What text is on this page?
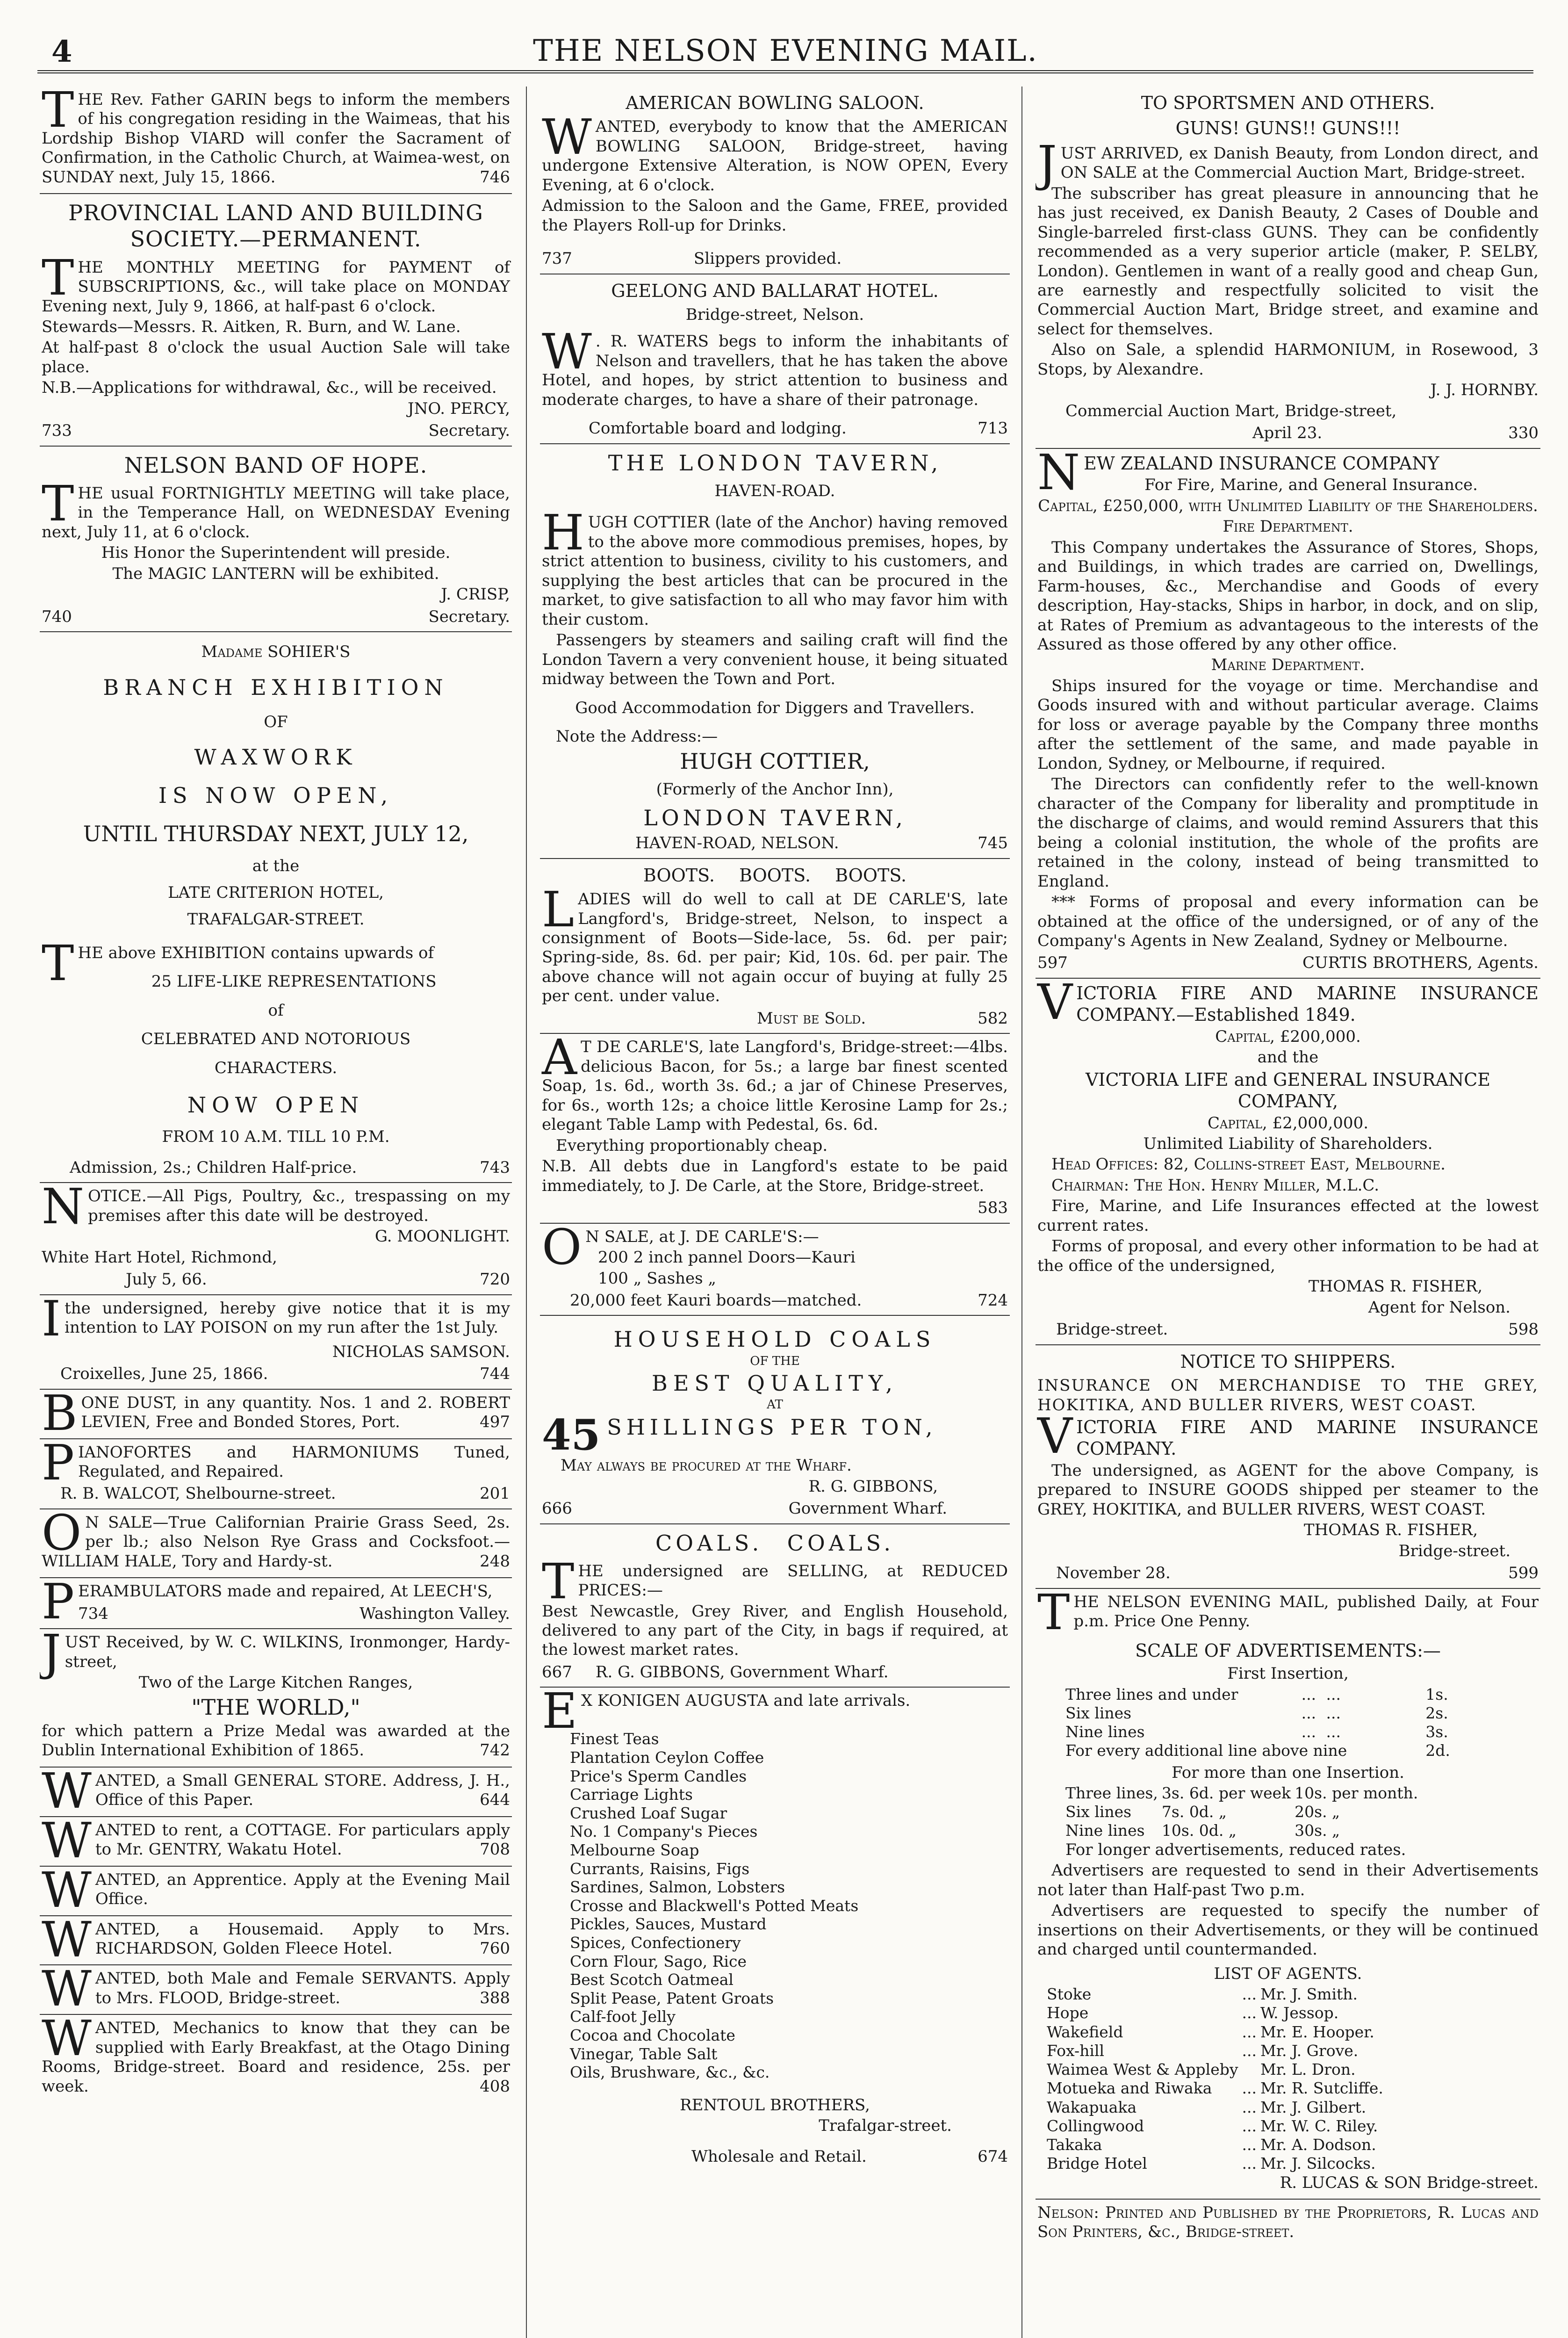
4	THE NELSON EVENING MAIL.

THE Rev. Father GARIN begs to inform the members of his congregation residing in the Waimeas, that his Lordship Bishop VIARD will confer the Sacrament of Confirmation, in the Catholic Church, at Waimea-west, on SUNDAY next, July 15, 1866.	746

PROVINCIAL LAND AND BUILDING SOCIETY.—PERMANENT.

THE MONTHLY MEETING for PAYMENT of SUBSCRIPTIONS, &c., will take place on MONDAY Evening next, July 9, 1866, at half-past 6 o'clock.

Stewards—Messrs. R. Aitken, R. Burn, and W. Lane.

At half-past 8 o'clock the usual Auction Sale will take place.

N.B.—Applications for withdrawal, &c., will be received.

JNO. PERCY,

733	Secretary.
NELSON BAND OF HOPE.

THE usual FORTNIGHTLY MEETING will take place, in the Temperance Hall, on WEDNESDAY Evening next, July 11, at 6 o'clock.

His Honor the Superintendent will preside.

The MAGIC LANTERN will be exhibited.

J. CRISP,

740	Secretary.

Madame SOHIER'S

BRANCH EXHIBITION

OF

WAXWORK

IS NOW OPEN,

UNTIL THURSDAY NEXT, JULY 12,

at the

LATE CRITERION HOTEL,

TRAFALGAR-STREET.

THE above EXHIBITION contains upwards of

25 LIFE-LIKE REPRESENTATIONS

of

CELEBRATED AND NOTORIOUS

CHARACTERS.

NOW OPEN

FROM 10 A.M. TILL 10 P.M.

Admission, 2s.; Children Half-price.	743

NOTICE.—All Pigs, Poultry, &c., trespassing on my premises after this date will be destroyed.

G. MOONLIGHT.

White Hart Hotel, Richmond,

July 5, 66.	720

Ithe undersigned, hereby give notice that it is my intention to LAY POISON on my run after the 1st July.

NICHOLAS SAMSON.

Croixelles, June 25, 1866.	744

BONE DUST, in any quantity. Nos. 1 and 2. ROBERT LEVIEN, Free and Bonded Stores, Port.	497

PIANOFORTES and HARMONIUMS Tuned, Regulated, and Repaired.

R. B. WALCOT, Shelbourne-street.	201

O N SALE—True Californian Prairie Grass Seed, 2s. per lb.; also Nelson Rye Grass and Cocksfoot.—WILLIAM HALE, Tory and Hardy-st.	248

PERAMBULATORS made and repaired, At LEECH'S,

734	Washington Valley.

JUST Received, by W. C. WILKINS, Ironmonger, Hardy-street,

Two of the Large Kitchen Ranges,

"THE WORLD,"

for which pattern a Prize Medal was awarded at the Dublin International Exhibition of 1865.	742

WANTED, a Small GENERAL STORE. Address, J. H., Office of this Paper.	644

WANTED to rent, a COTTAGE. For particulars apply to Mr. GENTRY, Wakatu Hotel.	708

WANTED, an Apprentice. Apply at the Evening Mail Office.

WANTED, a Housemaid. Apply to Mrs. RICHARDSON, Golden Fleece Hotel.	760

WANTED, both Male and Female SERVANTS. Apply to Mrs. FLOOD, Bridge-street.	388

WANTED, Mechanics to know that they can be supplied with Early Breakfast, at the Otago Dining Rooms, Bridge-street. Board and residence, 25s. per week.	408

AMERICAN BOWLING SALOON.

WANTED, everybody to know that the AMERICAN BOWLING SALOON, Bridge-street, having undergone Extensive Alteration, is NOW OPEN, Every Evening, at 6 o'clock.

Admission to the Saloon and the Game, FREE, provided the Players Roll-up for Drinks.

737	Slippers provided.
GEELONG AND BALLARAT HOTEL.

Bridge-street, Nelson.

W . R. WATERS begs to inform the inhabitants of Nelson and travellers, that he has taken the above Hotel, and hopes, by strict attention to business and moderate charges, to have a share of their patronage.

Comfortable board and lodging.	713
THE LONDON TAVERN,

HAVEN-ROAD.

HUGH COTTIER (late of the Anchor) having removed to the above more commodious premises, hopes, by strict attention to business, civility to his customers, and supplying the best articles that can be procured in the market, to give satisfaction to all who may favor him with their custom.

Passengers by steamers and sailing craft will find the London Tavern a very convenient house, it being situated midway between the Town and Port.

Good Accommodation for Diggers and Travellers.

Note the Address:—

HUGH COTTIER,

(Formerly of the Anchor Inn),

LONDON TAVERN,

HAVEN-ROAD, NELSON.	745
BOOTS. BOOTS. BOOTS.

LADIES will do well to call at DE CARLE'S, late Langford's, Bridge-street, Nelson, to inspect a consignment of Boots—Side-lace, 5s. 6d. per pair; Spring-side, 8s. 6d. per pair; Kid, 10s. 6d. per pair. The above chance will not again occur of buying at fully 25 per cent. under value.

Must be Sold.	582

A T DE CARLE'S, late Langford's, Bridge-street:—4lbs. delicious Bacon, for 5s.; a large bar finest scented Soap, 1s. 6d., worth 3s. 6d.; a jar of Chinese Preserves, for 6s., worth 12s; a choice little Kerosine Lamp for 2s.; elegant Table Lamp with Pedestal, 6s. 6d.

Everything proportionably cheap.

N.B. All debts due in Langford's estate to be paid immediately, to J. De Carle, at the Store, Bridge-street.

583

O N SALE, at J. DE CARLE'S:—

200 2 inch pannel Doors—Kauri

100 „ Sashes „

20,000 feet Kauri boards—matched.	724

HOUSEHOLD COALS

OF THE

BEST QUALITY,

AT

45 SHILLINGS PER TON,

May always be procured at the Wharf.

R. G. GIBBONS,

666	Government Wharf.
COALS. COALS.

THE undersigned are SELLING, at REDUCED PRICES:—

Best Newcastle, Grey River, and English Household, delivered to any part of the City, in bags if required, at the lowest market rates.

667 R. G. GIBBONS, Government Wharf.

E X KONIGEN AUGUSTA and late arrivals.

Finest Teas
Plantation Ceylon Coffee
Price's Sperm Candles
Carriage Lights
Crushed Loaf Sugar
No. 1 Company's Pieces
Melbourne Soap
Currants, Raisins, Figs
Sardines, Salmon, Lobsters
Crosse and Blackwell's Potted Meats
Pickles, Sauces, Mustard
Spices, Confectionery
Corn Flour, Sago, Rice
Best Scotch Oatmeal
Split Pease, Patent Groats
Calf-foot Jelly
Cocoa and Chocolate
Vinegar, Table Salt
Oils, Brushware, &c., &c.

RENTOUL BROTHERS,

Trafalgar-street.

Wholesale and Retail.	674
TO SPORTSMEN AND OTHERS.

GUNS! GUNS!! GUNS!!!

JUST ARRIVED, ex Danish Beauty, from London direct, and ON SALE at the Commercial Auction Mart, Bridge-street.

The subscriber has great pleasure in announcing that he has just received, ex Danish Beauty, 2 Cases of Double and Single-barreled first-class GUNS. They can be confidently recommended as a very superior article (maker, P. SELBY, London). Gentlemen in want of a really good and cheap Gun, are earnestly and respectfully solicited to visit the Commercial Auction Mart, Bridge street, and examine and select for themselves.

Also on Sale, a splendid HARMONIUM, in Rosewood, 3 Stops, by Alexandre.

J. J. HORNBY.

Commercial Auction Mart, Bridge-street,

April 23.	330

NEW ZEALAND INSURANCE COMPANY

For Fire, Marine, and General Insurance.

Capital, £250,000, with Unlimited Liability of the Shareholders.

Fire Department.

This Company undertakes the Assurance of Stores, Shops, and Buildings, in which trades are carried on, Dwellings, Farm-houses, &c., Merchandise and Goods of every description, Hay-stacks, Ships in harbor, in dock, and on slip, at Rates of Premium as advantageous to the interests of the Assured as those offered by any other office.

Marine Department.

Ships insured for the voyage or time. Merchandise and Goods insured with and without particular average. Claims for loss or average payable by the Company three months after the settlement of the same, and made payable in London, Sydney, or Melbourne, if required.

The Directors can confidently refer to the well-known character of the Company for liberality and promptitude in the discharge of claims, and would remind Assurers that this being a colonial institution, the whole of the profits are retained in the colony, instead of being transmitted to England.

*** Forms of proposal and every information can be obtained at the office of the undersigned, or of any of the Company's Agents in New Zealand, Sydney or Melbourne.

597	CURTIS BROTHERS, Agents.

VICTORIA FIRE AND MARINE INSURANCE COMPANY.—Established 1849.

Capital, £200,000.

and the

VICTORIA LIFE and GENERAL INSURANCE COMPANY,

Capital, £2,000,000.

Unlimited Liability of Shareholders.

Head Offices: 82, Collins-street East, Melbourne.

Chairman: The Hon. Henry Miller, M.L.C.

Fire, Marine, and Life Insurances effected at the lowest current rates.

Forms of proposal, and every other information to be had at the office of the undersigned,

THOMAS R. FISHER,

Agent for Nelson.

Bridge-street.	598
NOTICE TO SHIPPERS.

INSURANCE ON MERCHANDISE TO THE GREY, HOKITIKA, AND BULLER RIVERS, WEST COAST.

VICTORIA FIRE AND MARINE INSURANCE COMPANY.

The undersigned, as AGENT for the above Company, is prepared to INSURE GOODS shipped per steamer to the GREY, HOKITIKA, and BULLER RIVERS, WEST COAST.

THOMAS R. FISHER,

Bridge-street.

November 28.	599

THE NELSON EVENING MAIL, published Daily, at Four p.m. Price One Penny.

SCALE OF ADVERTISEMENTS:—

First Insertion,

Three lines and under	...	...	1s.
Six lines	...	...	2s.
Nine lines	...	...	3s.
For every additional line above nine			2d.

For more than one Insertion.

Three lines,	3s. 6d. per week	10s. per month.
Six lines	7s. 0d. „	20s. „
Nine lines	10s. 0d. „	30s. „

For longer advertisements, reduced rates.

Advertisers are requested to send in their Advertisements not later than Half-past Two p.m.

Advertisers are requested to specify the number of insertions on their Advertisements, or they will be continued and charged until countermanded.

LIST OF AGENTS.

Stoke	...	Mr. J. Smith.
Hope	...	W. Jessop.
Wakefield	...	Mr. E. Hooper.
Fox-hill	...	Mr. J. Grove.
Waimea West & Appleby		Mr. L. Dron.
Motueka and Riwaka	...	Mr. R. Sutcliffe.
Wakapuaka	...	Mr. J. Gilbert.
Collingwood	...	Mr. W. C. Riley.
Takaka	...	Mr. A. Dodson.
Bridge Hotel	...	Mr. J. Silcocks.

R. LUCAS & SON Bridge-street.

Nelson: Printed and Published by the Proprietors, R. Lucas and Son Printers, &c., Bridge-street.
